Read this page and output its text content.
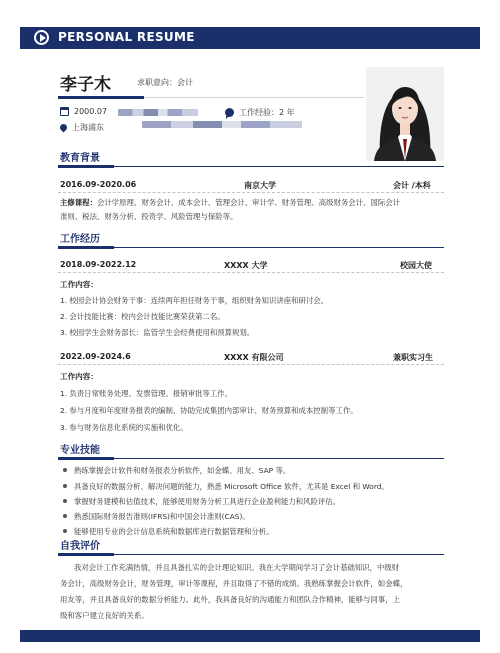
PERSONAL RESUME
李子木	求职意向：会计
2000.07	工作经验：2 年
上海浦东
教育背景
2016.09-2020.06	南京大学	会计 /本科
主修课程：会计学原理、财务会计、成本会计、管理会计、审计学、财务管理、高级财务会计、国际会计
准则、税法、财务分析、投资学、风险管理与保险等。
工作经历
2018.09-2022.12	XXXX 大学	校园大使
工作内容：
1. 校园会计协会财务干事：连续两年担任财务干事，组织财务知识讲座和研讨会。
2. 会计技能比赛：校内会计技能比赛荣获第二名。
3. 校园学生会财务部长：监管学生会经费使用和预算规划。
2022.09-2024.6	XXXX 有限公司	兼职实习生
工作内容：
1. 负责日常账务处理、发票管理、报销审批等工作。
2. 参与月度和年度财务报表的编制、协助完成集团内部审计、财务预算和成本控制等工作。
3. 参与财务信息化系统的实施和优化。
专业技能
熟练掌握会计软件和财务报表分析软件，如金蝶、用友、SAP 等。
具备良好的数据分析、解决问题的能力，熟悉 Microsoft Office 软件，尤其是 Excel 和 Word。
掌握财务建模和估值技术，能够使用财务分析工具进行企业盈利能力和风险评估。
熟悉国际财务报告准则(IFRS)和中国会计准则(CAS)。
能够使用专业的会计信息系统和数据库进行数据管理和分析。
自我评价
我对会计工作充满热情，并且具备扎实的会计理论知识。我在大学期间学习了会计基础知识，中级财
务会计，高级财务会计，财务管理，审计等课程，并且取得了不错的成绩。我熟练掌握会计软件，如金蝶，
用友等，并且具备良好的数据分析能力。此外，我具备良好的沟通能力和团队合作精神，能够与同事，上
级和客户建立良好的关系。
